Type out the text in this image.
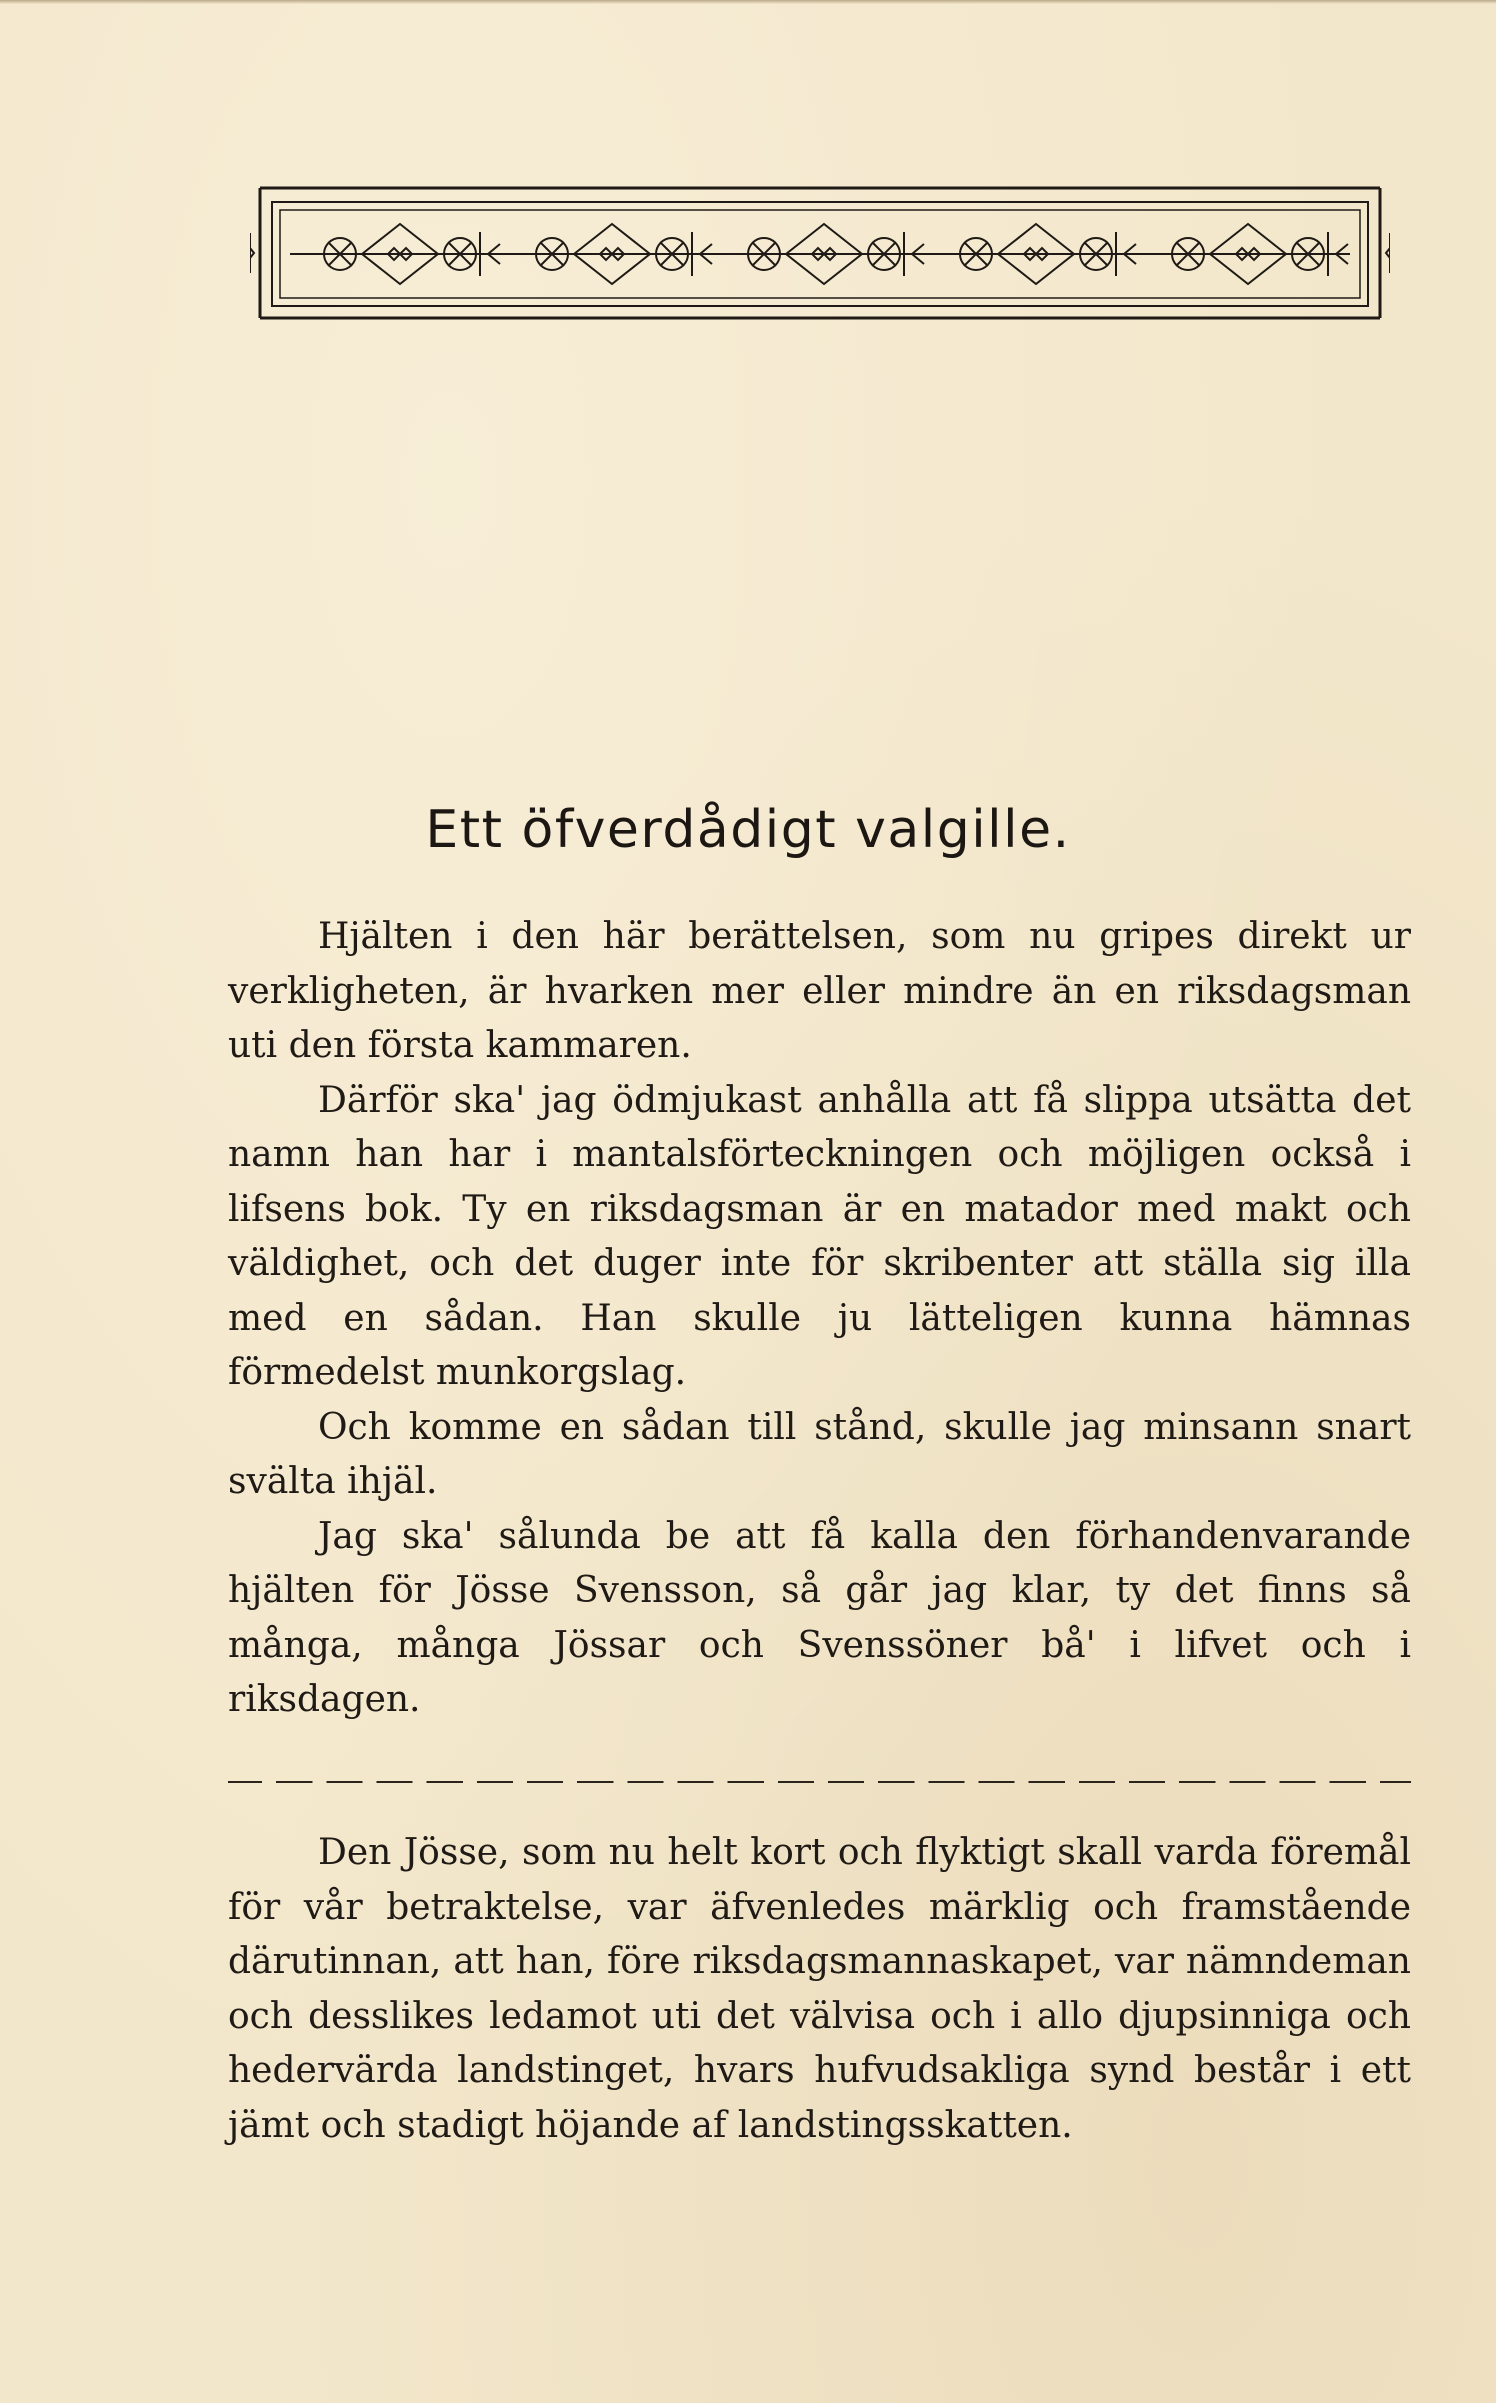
Ett öfverdådigt valgille.

Hjälten i den här berättelsen, som nu gripes direkt ur verkligheten, är hvarken mer eller mindre än en riksdagsman uti den första kammaren.

Därför ska' jag ödmjukast anhålla att få slippa utsätta det namn han har i mantalsförteckningen och möjligen också i lifsens bok. Ty en riksdagsman är en matador med makt och väldighet, och det duger inte för skribenter att ställa sig illa med en sådan. Han skulle ju lätteligen kunna hämnas förmedelst munkorgslag.

Och komme en sådan till stånd, skulle jag minsann snart svälta ihjäl.

Jag ska' sålunda be att få kalla den förhandenvarande hjälten för Jösse Svensson, så går jag klar, ty det finns så många, många Jössar och Svenssöner bå' i lifvet och i riksdagen.

Den Jösse, som nu helt kort och flyktigt skall varda föremål för vår betraktelse, var äfvenledes märklig och framstående därutinnan, att han, före riksdagsmannaskapet, var nämndeman och desslikes ledamot uti det välvisa och i allo djupsinniga och hedervärda landstinget, hvars hufvudsakliga synd består i ett jämt och stadigt höjande af landstingsskatten.
